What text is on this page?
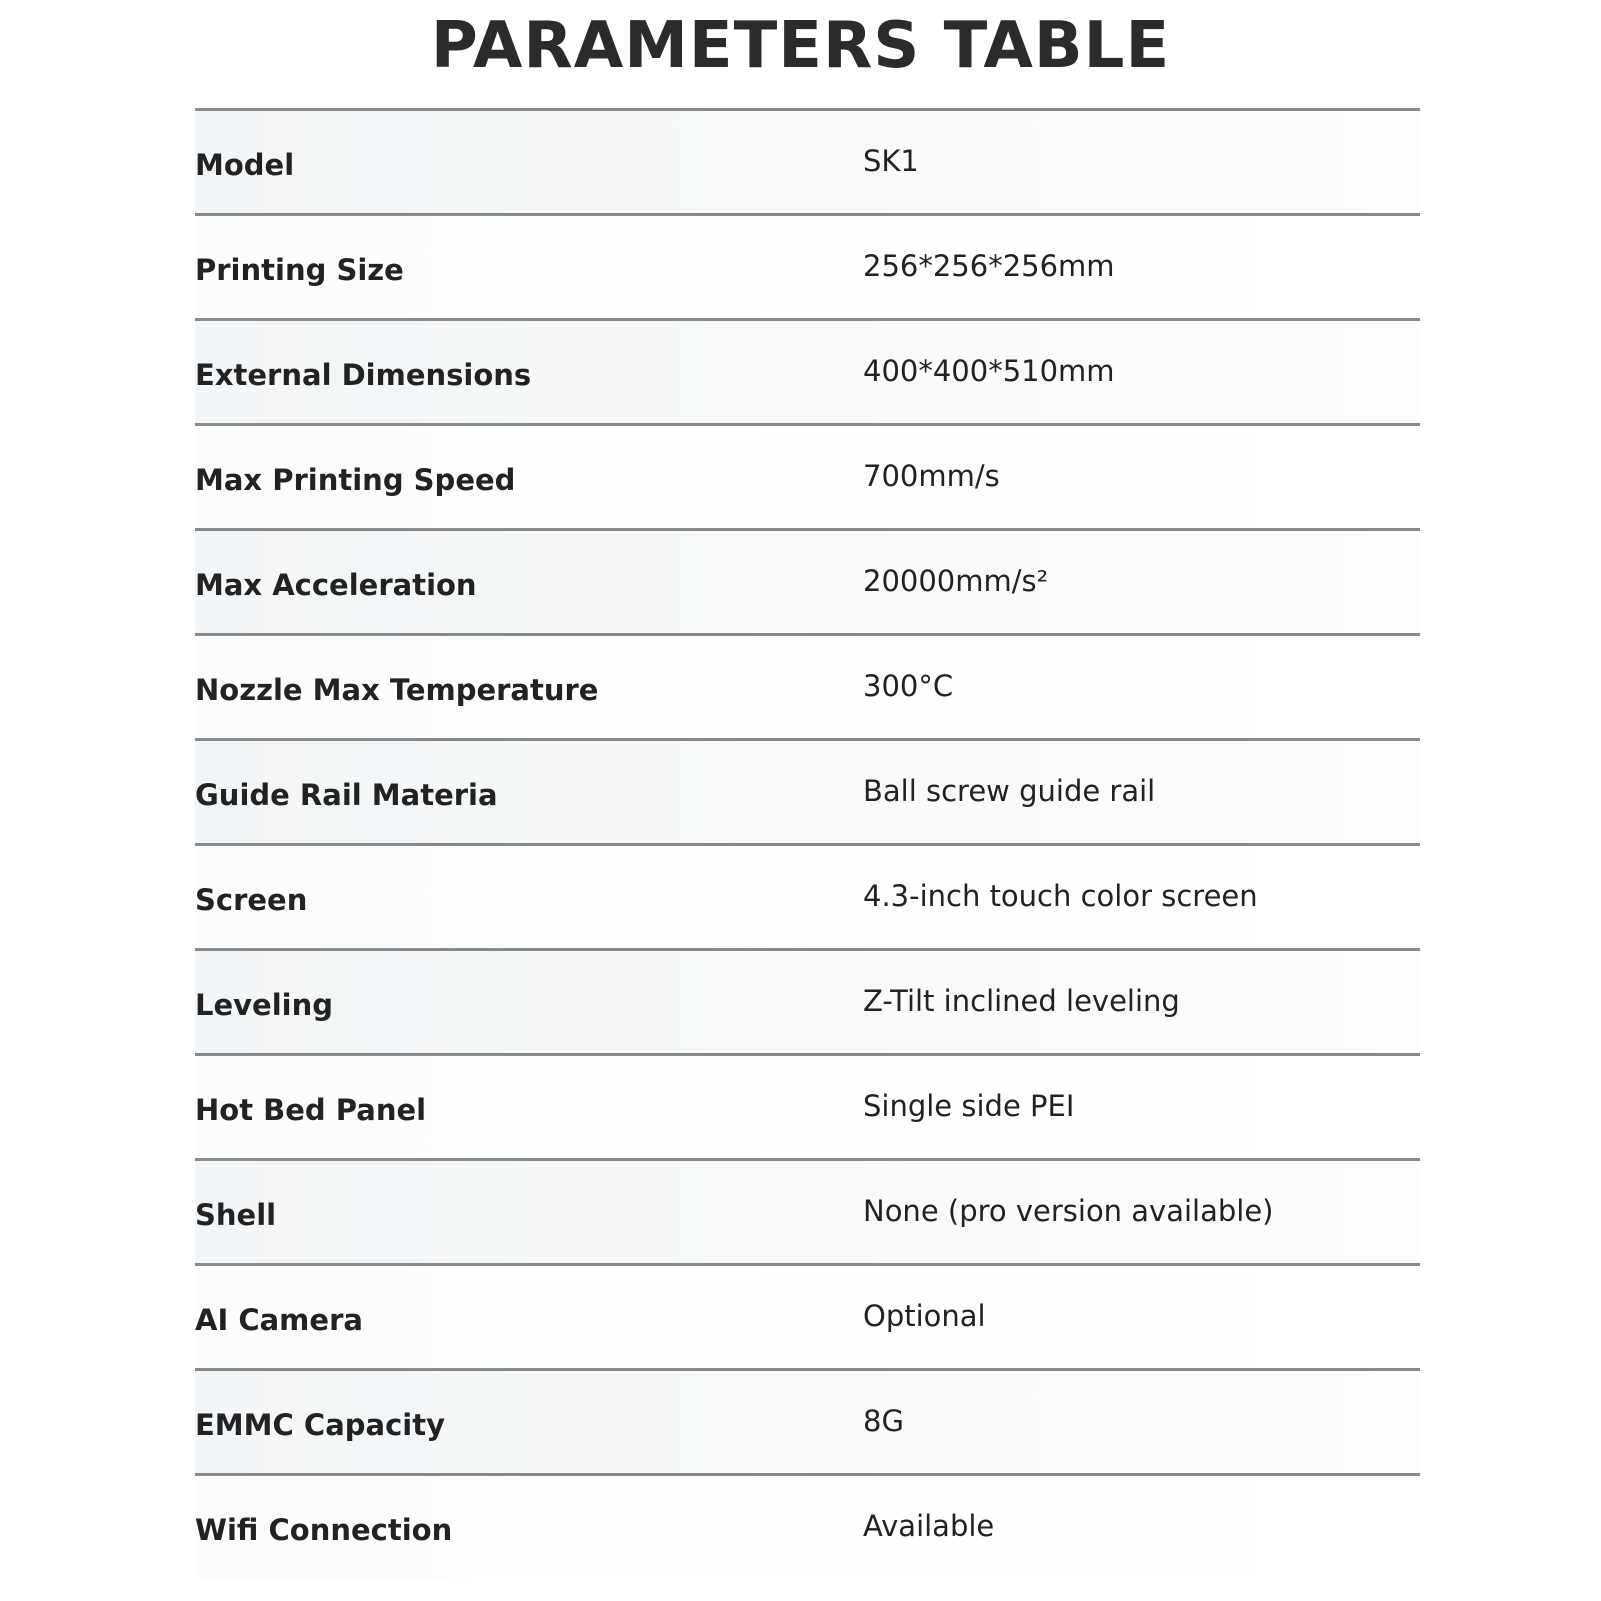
PARAMETERS TABLE
Model	SK1
Printing Size	256*256*256mm
External Dimensions	400*400*510mm
Max Printing Speed	700mm/s
Max Acceleration	20000mm/s²
Nozzle Max Temperature	300°C
Guide Rail Materia	Ball screw guide rail
Screen	4.3-inch touch color screen
Leveling	Z-Tilt inclined leveling
Hot Bed Panel	Single side PEI
Shell	None (pro version available)
AI Camera	Optional
EMMC Capacity	8G
Wifi Connection	Available
